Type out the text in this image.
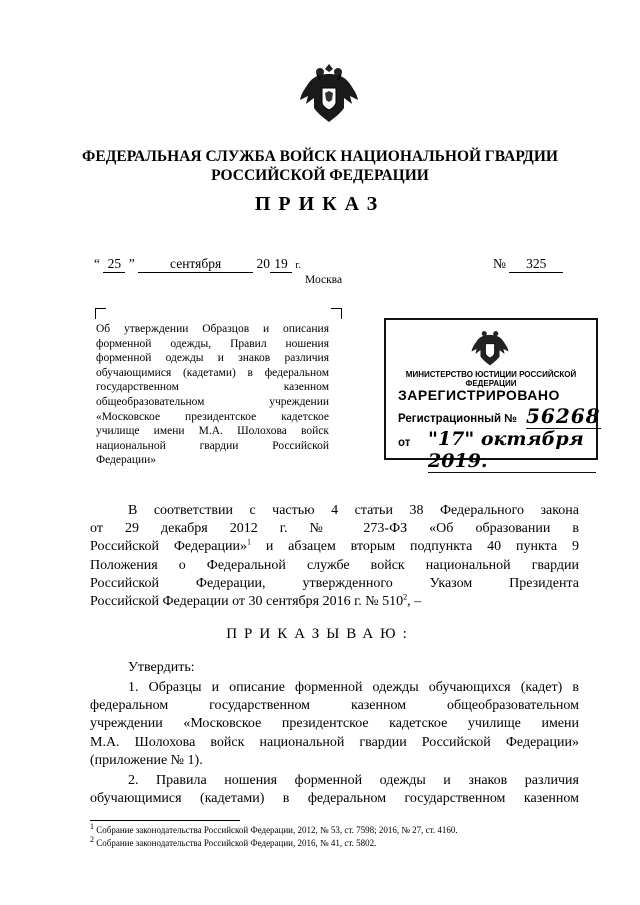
ФЕДЕРАЛЬНАЯ СЛУЖБА ВОЙСК НАЦИОНАЛЬНОЙ ГВАРДИИ
РОССИЙСКОЙ ФЕДЕРАЦИИ
ПРИКАЗ
“ 25 ”	сентября	20 19 г.	№ 325
Москва
Об утверждении Образцов и описания форменной одежды, Правил ношения форменной одежды и знаков различия обучающимися (кадетами) в федеральном государственном казенном общеобразовательном учреждении «Московское президентское кадетское училище имени М.А. Шолохова войск национальной гвардии Российской Федерации»
МИНИСТЕРСТВО ЮСТИЦИИ РОССИЙСКОЙ ФЕДЕРАЦИИ
ЗАРЕГИСТРИРОВАНО
Регистрационный № 56268
от "17" октября 2019.
В соответствии с частью 4 статьи 38 Федерального закона
от 29 декабря 2012 г. № 273-ФЗ «Об образовании в
Российской Федерации»$^1$ и абзацем вторым подпункта 40 пункта 9
Положения о Федеральной службе войск национальной гвардии
Российской Федерации, утвержденного Указом Президента
Российской Федерации от 30 сентября 2016 г. № $510^2$, –
ПРИКАЗЫВАЮ:
Утвердить:
1. Образцы и описание форменной одежды обучающихся (кадет) в
федеральном государственном казенном общеобразовательном
учреждении «Московское президентское кадетское училище имени
М.А. Шолохова войск национальной гвардии Российской Федерации»
(приложение № 1).
2. Правила ношения форменной одежды и знаков различия
обучающимися (кадетами) в федеральном государственном казенном
$^1$ Собрание законодательства Российской Федерации, 2012, № 53, ст. 7598; 2016, № 27, ст. 4160.
$^2$ Собрание законодательства Российской Федерации, 2016, № 41, ст. 5802.
